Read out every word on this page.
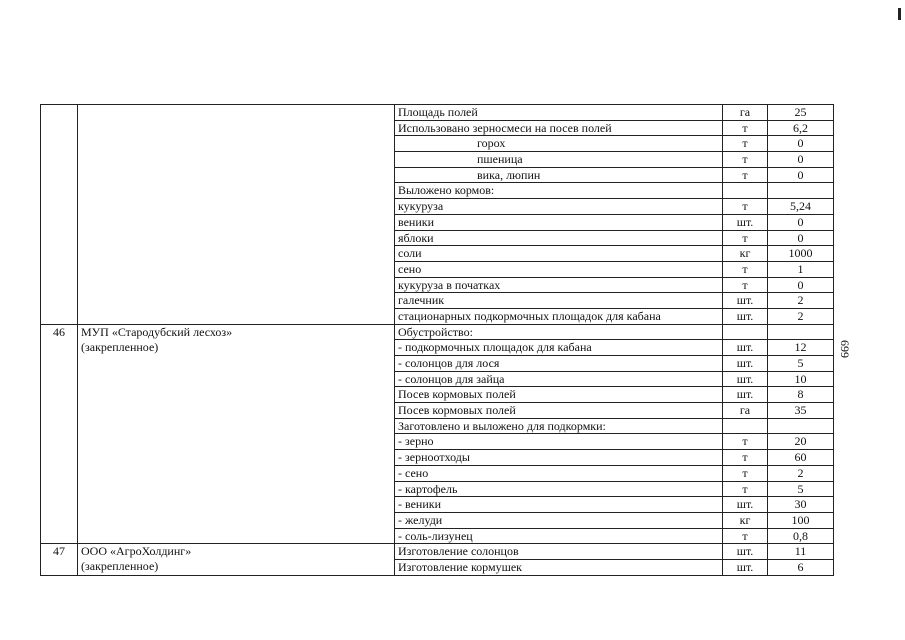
		Площадь полей	га	25
		Использовано зерносмеси на посев полей	т	6,2
		горох	т	0
		пшеница	т	0
		вика, люпин	т	0
		Выложено кормов:		
		кукуруза	т	5,24
		веники	шт.	0
		яблоки	т	0
		соли	кг	1000
		сено	т	1
		кукуруза в початках	т	0
		галечник	шт.	2
		стационарных подкормочных площадок для кабана	шт.	2
46	МУП «Стародубский лесхоз»	Обустройство:		
	(закрепленное)	- подкормочных площадок для кабана	шт.	12
		- солонцов для лося	шт.	5
		- солонцов для зайца	шт.	10
		Посев кормовых полей	шт.	8
		Посев кормовых полей	га	35
		Заготовлено и выложено для подкормки:		
		- зерно	т	20
		- зерноотходы	т	60
		- сено	т	2
		- картофель	т	5
		- веники	шт.	30
		- желуди	кг	100
		- соль-лизунец	т	0,8
47	ООО «АгроХолдинг»	Изготовление солонцов	шт.	11
	(закрепленное)	Изготовление кормушек	шт.	6
699
